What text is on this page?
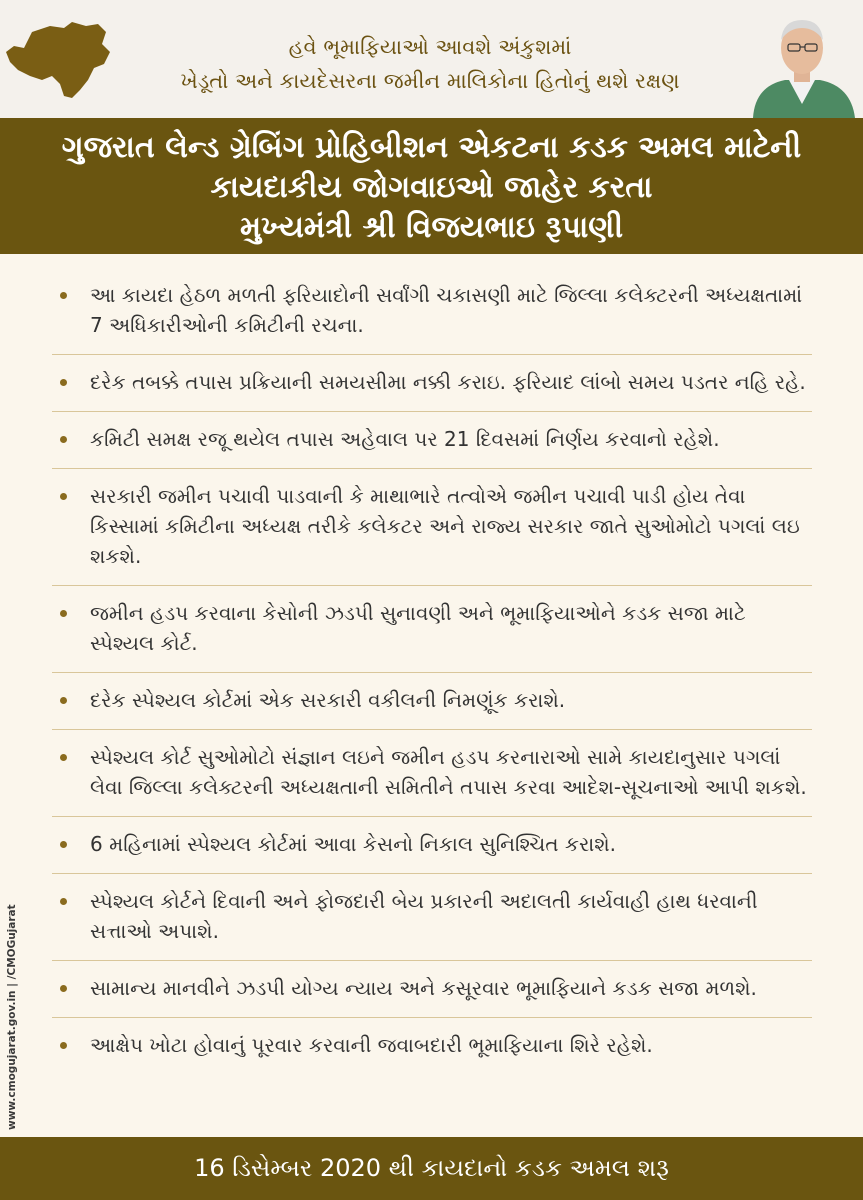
હવે ભૂમાફિયાઓ આવશે અંકુશમાં
ખેડૂતો અને કાયદેસરના જમીન માલિકોના હિતોનું થશે રક્ષણ
ગુજરાત લેન્ડ ગ્રેબિંગ પ્રોહિબીશન એકટના કડક અમલ માટેની
કાયદાકીય જોગવાઇઓ જાહેર કરતા
મુખ્યમંત્રી શ્રી વિજયભાઇ રૂપાણી
www.cmogujarat.gov.in | /CMOGujarat
આ કાયદા હેઠળ મળતી ફરિયાદોની સર્વાંગી ચકાસણી માટે જિલ્લા કલેક્ટરની અધ્યક્ષતામાં 7 અધિકારીઓની કમિટીની રચના.
દરેક તબક્કે તપાસ પ્રક્રિયાની સમયસીમા નક્કી કરાઇ. ફરિયાદ લાંબો સમય પડતર નહિ રહે.
કમિટી સમક્ષ રજૂ થયેલ તપાસ અહેવાલ પર 21 દિવસમાં નિર્ણય કરવાનો રહેશે.
સરકારી જમીન પચાવી પાડવાની કે માથાભારે તત્વોએ જમીન પચાવી પાડી હોય તેવા કિસ્સામાં કમિટીના અધ્યક્ષ તરીકે કલેકટર અને રાજ્ય સરકાર જાતે સુઓમોટો પગલાં લઇ શકશે.
જમીન હડપ કરવાના કેસોની ઝડપી સુનાવણી અને ભૂમાફિયાઓને કડક સજા માટે સ્પેશ્યલ કોર્ટ.
દરેક સ્પેશ્યલ કોર્ટમાં એક સરકારી વકીલની નિમણૂંક કરાશે.
સ્પેશ્યલ કોર્ટ સુઓમોટો સંજ્ઞાન લઇને જમીન હડપ કરનારાઓ સામે કાયદાનુસાર પગલાં લેવા જિલ્લા કલેક્ટરની અધ્યક્ષતાની સમિતીને તપાસ કરવા આદેશ-સૂચનાઓ આપી શકશે.
6 મહિનામાં સ્પેશ્યલ કોર્ટમાં આવા કેસનો નિકાલ સુનિશ્ચિત કરાશે.
સ્પેશ્યલ કોર્ટને દિવાની અને ફોજદારી બેય પ્રકારની અદાલતી કાર્યવાહી હાથ ધરવાની સત્તાઓ અપાશે.
સામાન્ય માનવીને ઝડપી યોગ્ય ન્યાય અને કસૂરવાર ભૂમાફિયાને કડક સજા મળશે.
આક્ષેપ ખોટા હોવાનું પૂરવાર કરવાની જવાબદારી ભૂમાફિયાના શિરે રહેશે.
16 ડિસેમ્બર 2020 થી કાયદાનો કડક અમલ શરૂ
